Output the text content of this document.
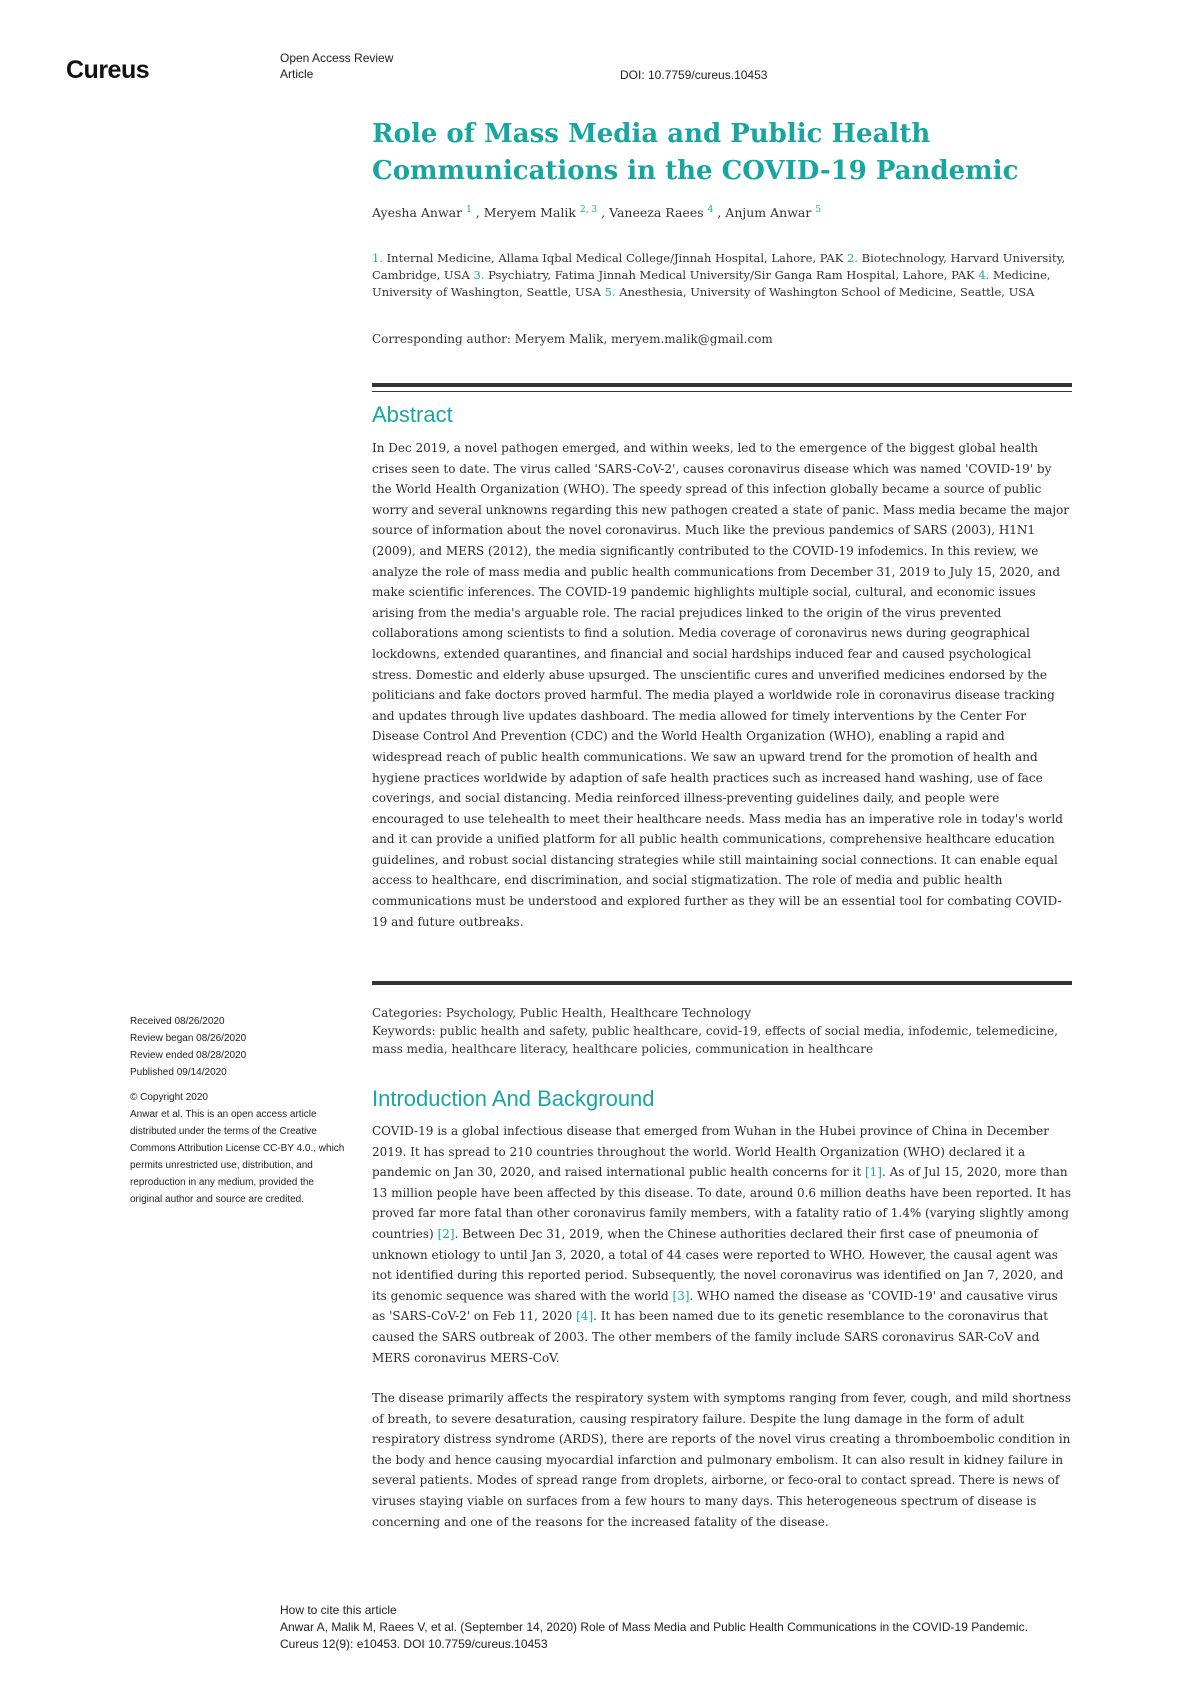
Cureus	Open Access Review
Article	DOI: 10.7759/cureus.10453
Role of Mass Media and Public Health
Communications in the COVID-19 Pandemic
Ayesha Anwar $^1$ , Meryem Malik $^{2, 3}$ , Vaneeza Raees $^4$ , Anjum Anwar $^5$
1. Internal Medicine, Allama Iqbal Medical College/Jinnah Hospital, Lahore, PAK 2. Biotechnology, Harvard University, Cambridge, USA 3. Psychiatry, Fatima Jinnah Medical University/Sir Ganga Ram Hospital, Lahore, PAK 4. Medicine, University of Washington, Seattle, USA 5. Anesthesia, University of Washington School of Medicine, Seattle, USA
Corresponding author: Meryem Malik, meryem.malik@gmail.com
Abstract

In Dec 2019, a novel pathogen emerged, and within weeks, led to the emergence of the biggest global health crises seen to date. The virus called 'SARS-CoV-2', causes coronavirus disease which was named 'COVID-19' by the World Health Organization (WHO). The speedy spread of this infection globally became a source of public worry and several unknowns regarding this new pathogen created a state of panic. Mass media became the major source of information about the novel coronavirus. Much like the previous pandemics of SARS (2003), H1N1 (2009), and MERS (2012), the media significantly contributed to the COVID-19 infodemics. In this review, we analyze the role of mass media and public health communications from December 31, 2019 to July 15, 2020, and make scientific inferences. The COVID-19 pandemic highlights multiple social, cultural, and economic issues arising from the media's arguable role. The racial prejudices linked to the origin of the virus prevented collaborations among scientists to find a solution. Media coverage of coronavirus news during geographical lockdowns, extended quarantines, and financial and social hardships induced fear and caused psychological stress. Domestic and elderly abuse upsurged. The unscientific cures and unverified medicines endorsed by the politicians and fake doctors proved harmful. The media played a worldwide role in coronavirus disease tracking and updates through live updates dashboard. The media allowed for timely interventions by the Center For Disease Control And Prevention (CDC) and the World Health Organization (WHO), enabling a rapid and widespread reach of public health communications. We saw an upward trend for the promotion of health and hygiene practices worldwide by adaption of safe health practices such as increased hand washing, use of face coverings, and social distancing. Media reinforced illness-preventing guidelines daily, and people were encouraged to use telehealth to meet their healthcare needs. Mass media has an imperative role in today's world and it can provide a unified platform for all public health communications, comprehensive healthcare education guidelines, and robust social distancing strategies while still maintaining social connections. It can enable equal access to healthcare, end discrimination, and social stigmatization. The role of media and public health communications must be understood and explored further as they will be an essential tool for combating COVID-19 and future outbreaks.

Received 08/26/2020

Review began 08/26/2020

Review ended 08/28/2020

Published 09/14/2020

© Copyright 2020

Anwar et al. This is an open access article distributed under the terms of the Creative Commons Attribution License CC-BY 4.0., which permits unrestricted use, distribution, and reproduction in any medium, provided the original author and source are credited.

Categories: Psychology, Public Health, Healthcare Technology

Keywords: public health and safety, public healthcare, covid-19, effects of social media, infodemic, telemedicine, mass media, healthcare literacy, healthcare policies, communication in healthcare

Introduction And Background

COVID-19 is a global infectious disease that emerged from Wuhan in the Hubei province of China in December 2019. It has spread to 210 countries throughout the world. World Health Organization (WHO) declared it a pandemic on Jan 30, 2020, and raised international public health concerns for it [1]. As of Jul 15, 2020, more than 13 million people have been affected by this disease. To date, around 0.6 million deaths have been reported. It has proved far more fatal than other coronavirus family members, with a fatality ratio of 1.4% (varying slightly among countries) [2]. Between Dec 31, 2019, when the Chinese authorities declared their first case of pneumonia of unknown etiology to until Jan 3, 2020, a total of 44 cases were reported to WHO. However, the causal agent was not identified during this reported period. Subsequently, the novel coronavirus was identified on Jan 7, 2020, and its genomic sequence was shared with the world [3]. WHO named the disease as 'COVID-19' and causative virus as 'SARS-CoV-2' on Feb 11, 2020 [4]. It has been named due to its genetic resemblance to the coronavirus that caused the SARS outbreak of 2003. The other members of the family include SARS coronavirus SAR-CoV and MERS coronavirus MERS-CoV.

The disease primarily affects the respiratory system with symptoms ranging from fever, cough, and mild shortness of breath, to severe desaturation, causing respiratory failure. Despite the lung damage in the form of adult respiratory distress syndrome (ARDS), there are reports of the novel virus creating a thromboembolic condition in the body and hence causing myocardial infarction and pulmonary embolism. It can also result in kidney failure in several patients. Modes of spread range from droplets, airborne, or feco-oral to contact spread. There is news of viruses staying viable on surfaces from a few hours to many days. This heterogeneous spectrum of disease is concerning and one of the reasons for the increased fatality of the disease.

How to cite this article

Anwar A, Malik M, Raees V, et al. (September 14, 2020) Role of Mass Media and Public Health Communications in the COVID-19 Pandemic.

Cureus 12(9): e10453. DOI 10.7759/cureus.10453
